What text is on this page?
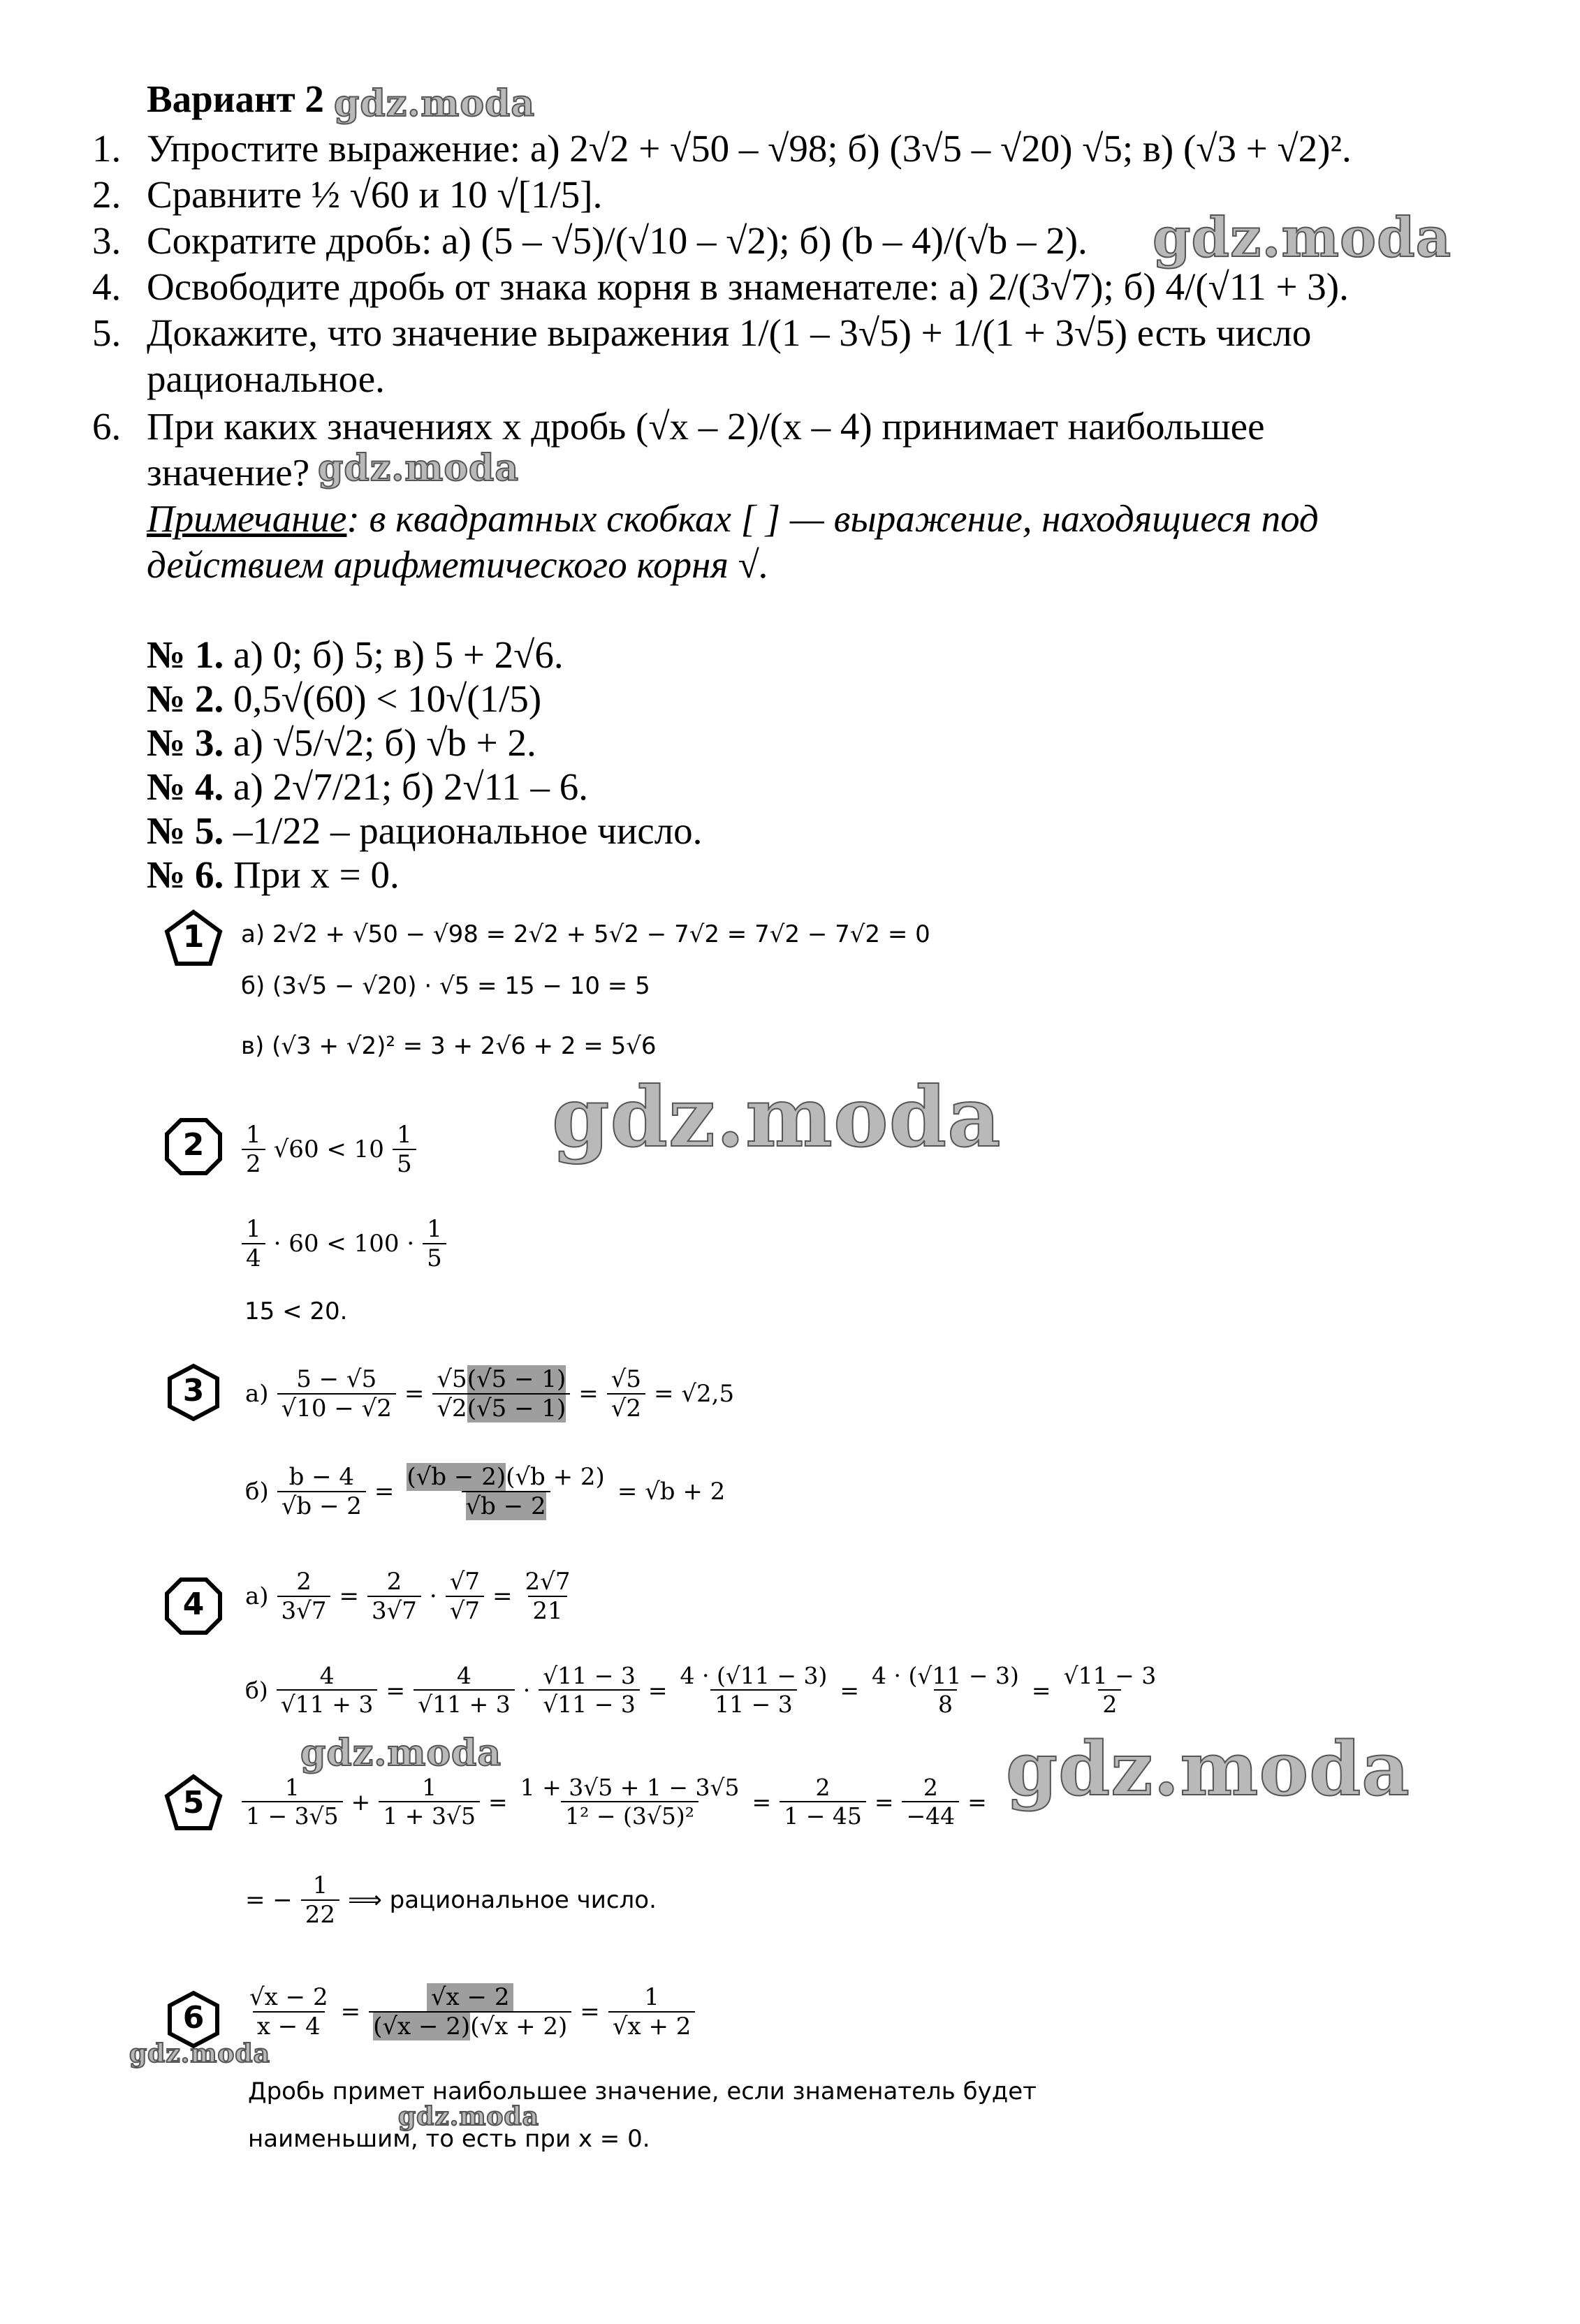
Вариант 2
1. Упростите выражение: а) 2√2 + √50 – √98; б) (3√5 – √20) √5; в) (√3 + √2)².
2. Сравните ½ √60 и 10 √[1/5].
3. Сократите дробь: а) (5 – √5)/(√10 – √2); б) (b – 4)/(√b – 2).
4. Освободите дробь от знака корня в знаменателе: а) 2/(3√7); б) 4/(√11 + 3).
5. Докажите, что значение выражения 1/(1 – 3√5) + 1/(1 + 3√5) есть число
рациональное.
6. При каких значениях x дробь (√x – 2)/(x – 4) принимает наибольшее
значение?
Примечание: в квадратных скобках [ ] — выражение, находящиеся под
действием арифметического корня √.
№ 1. а) 0; б) 5; в) 5 + 2√6.
№ 2. 0,5√(60) < 10√(1/5)
№ 3. а) √5/√2; б) √b + 2.
№ 4. а) 2√7/21; б) 2√11 – 6.
№ 5. –1/22 – рациональное число.
№ 6. При x = 0.
1	а) 2√2 + √50 − √98 = 2√2 + 5√2 − 7√2 = 7√2 − 7√2 = 0
б) (3√5 − √20) · √5 = 15 − 10 = 5
в) (√3 + √2)² = 3 + 2√6 + 2 = 5√6
2	$\frac{1}{2} √60 < 10 \frac{1}{5}$
$\frac{1}{4} \cdot 60 < 100 \cdot \frac{1}{5}$
15 < 20.
3	$а) \frac{5 - √5}{√10 - √2} = \frac{√5(√5 - 1)}{√2(√5 - 1)} = \frac{√5}{√2} = √2,5$
$б) \frac{b - 4}{√b - 2} = \frac{(√b - 2)(√b + 2)}{√b - 2} = √b + 2$
4	$а) \frac{2}{3√7} = \frac{2}{3√7} \cdot \frac{√7}{√7} = \frac{2√7}{21}$
$б) \frac{4}{√11 + 3} = \frac{4}{√11 + 3} \cdot \frac{√11 - 3}{√11 - 3} = \frac{4 \cdot (√11 - 3)}{11 - 3} = \frac{4 \cdot (√11 - 3)}{8} = \frac{√11 - 3}{2}$
5	$\frac{1}{1 - 3√5} + \frac{1}{1 + 3√5} = \frac{1 + 3√5 + 1 - 3√5}{\text{1² − (3√5)²}} = \frac{2}{1 - 45} = \frac{2}{-44}$ =
= − $\frac{1}{22}$ ⟹ рациональное число.
6	$\frac{√x - 2}{x - 4} = \frac{√x - 2}{(√x - 2)(√x + 2)} = \frac{1}{√x + 2}$
Дробь примет наибольшее значение, если знаменатель будет
наименьшим, то есть при x = 0.
gdz.moda
gdz.moda
gdz.moda
gdz.moda
gdz.moda	gdz.moda
gdz.moda
gdz.moda
